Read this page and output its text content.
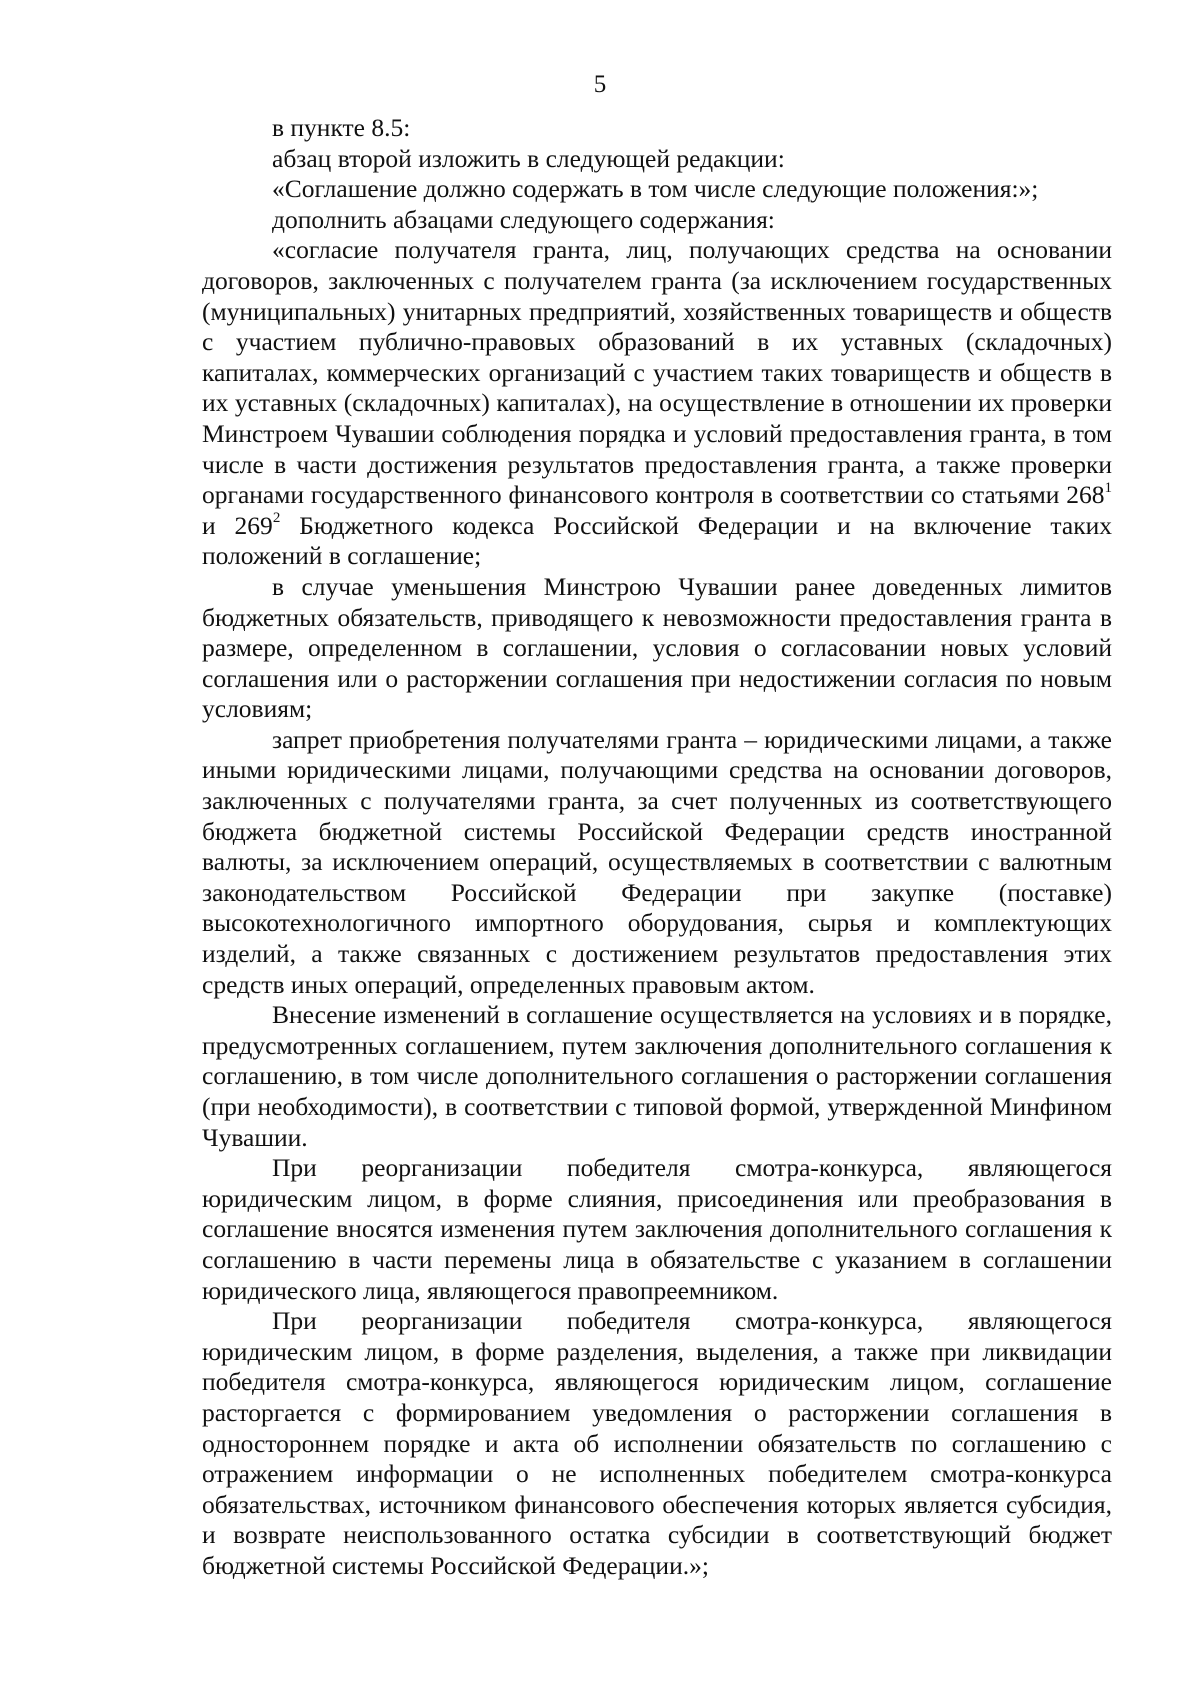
5

в пункте 8.5:

абзац второй изложить в следующей редакции:

«Соглашение должно содержать в том числе следующие положения:»;

дополнить абзацами следующего содержания:

«согласие получателя гранта, лиц, получающих средства на основании договоров, заключенных с получателем гранта (за исключением государственных (муниципальных) унитарных предприятий, хозяйственных товариществ и обществ с участием публично-правовых образований в их уставных (складочных) капиталах, коммерческих организаций с участием таких товариществ и обществ в их уставных (складочных) капиталах), на осуществление в отношении их проверки Минстроем Чувашии соблюдения порядка и условий предоставления гранта, в том числе в части достижения результатов предоставления гранта, а также проверки органами государственного финансового контроля в соответствии со статьями $268^1$ и $269^2$ Бюджетного кодекса Российской Федерации и на включение таких положений в соглашение;

в случае уменьшения Минстрою Чувашии ранее доведенных лимитов бюджетных обязательств, приводящего к невозможности предоставления гранта в размере, определенном в соглашении, условия о согласовании новых условий соглашения или о расторжении соглашения при недостижении согласия по новым условиям;

запрет приобретения получателями гранта – юридическими лицами, а также иными юридическими лицами, получающими средства на основании договоров, заключенных с получателями гранта, за счет полученных из соответствующего бюджета бюджетной системы Российской Федерации средств иностранной валюты, за исключением операций, осуществляемых в соответствии с валютным законодательством Российской Федерации при закупке (поставке) высокотехнологичного импортного оборудования, сырья и комплектующих изделий, а также связанных с достижением результатов предоставления этих средств иных операций, определенных правовым актом.

Внесение изменений в соглашение осуществляется на условиях и в порядке, предусмотренных соглашением, путем заключения дополнительного соглашения к соглашению, в том числе дополнительного соглашения о расторжении соглашения (при необходимости), в соответствии с типовой формой, утвержденной Минфином Чувашии.

При реорганизации победителя смотра-конкурса, являющегося юридическим лицом, в форме слияния, присоединения или преобразования в соглашение вносятся изменения путем заключения дополнительного соглашения к соглашению в части перемены лица в обязательстве с указанием в соглашении юридического лица, являющегося правопреемником.

При реорганизации победителя смотра-конкурса, являющегося юридическим лицом, в форме разделения, выделения, а также при ликвидации победителя смотра-конкурса, являющегося юридическим лицом, соглашение расторгается с формированием уведомления о расторжении соглашения в одностороннем порядке и акта об исполнении обязательств по соглашению с отражением информации о не исполненных победителем смотра-конкурса обязательствах, источником финансового обеспечения которых является субсидия, и возврате неиспользованного остатка субсидии в соответствующий бюджет бюджетной системы Российской Федерации.»;
